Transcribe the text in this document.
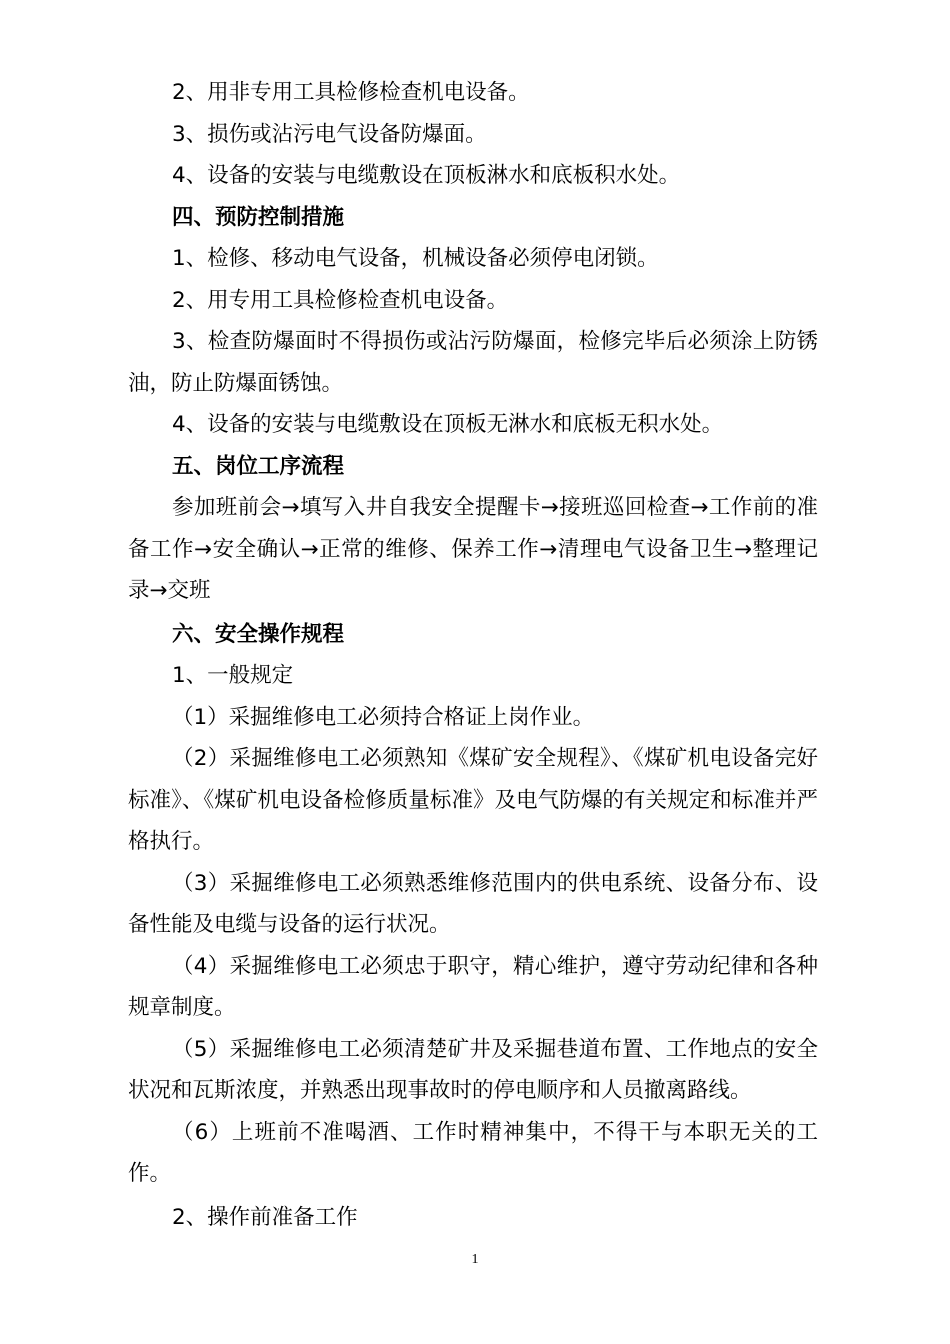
2、用非专用工具检修检查机电设备。

3、损伤或沾污电气设备防爆面。

4、设备的安装与电缆敷设在顶板淋水和底板积水处。

四、预防控制措施

1、检修、移动电气设备，机械设备必须停电闭锁。

2、用专用工具检修检查机电设备。

3、检查防爆面时不得损伤或沾污防爆面，检修完毕后必须涂上防锈油，防止防爆面锈蚀。

4、设备的安装与电缆敷设在顶板无淋水和底板无积水处。

五、岗位工序流程

参加班前会→填写入井自我安全提醒卡→接班巡回检查→工作前的准备工作→安全确认→正常的维修、保养工作→清理电气设备卫生→整理记录→交班

六、安全操作规程

1、一般规定

（1）采掘维修电工必须持合格证上岗作业。

（2）采掘维修电工必须熟知《煤矿安全规程》、《煤矿机电设备完好标准》、《煤矿机电设备检修质量标准》及电气防爆的有关规定和标准并严格执行。

（3）采掘维修电工必须熟悉维修范围内的供电系统、设备分布、设备性能及电缆与设备的运行状况。

（4）采掘维修电工必须忠于职守，精心维护，遵守劳动纪律和各种规章制度。

（5）采掘维修电工必须清楚矿井及采掘巷道布置、工作地点的安全状况和瓦斯浓度，并熟悉出现事故时的停电顺序和人员撤离路线。

（6）上班前不准喝酒、工作时精神集中，不得干与本职无关的工作。

2、操作前准备工作

1
